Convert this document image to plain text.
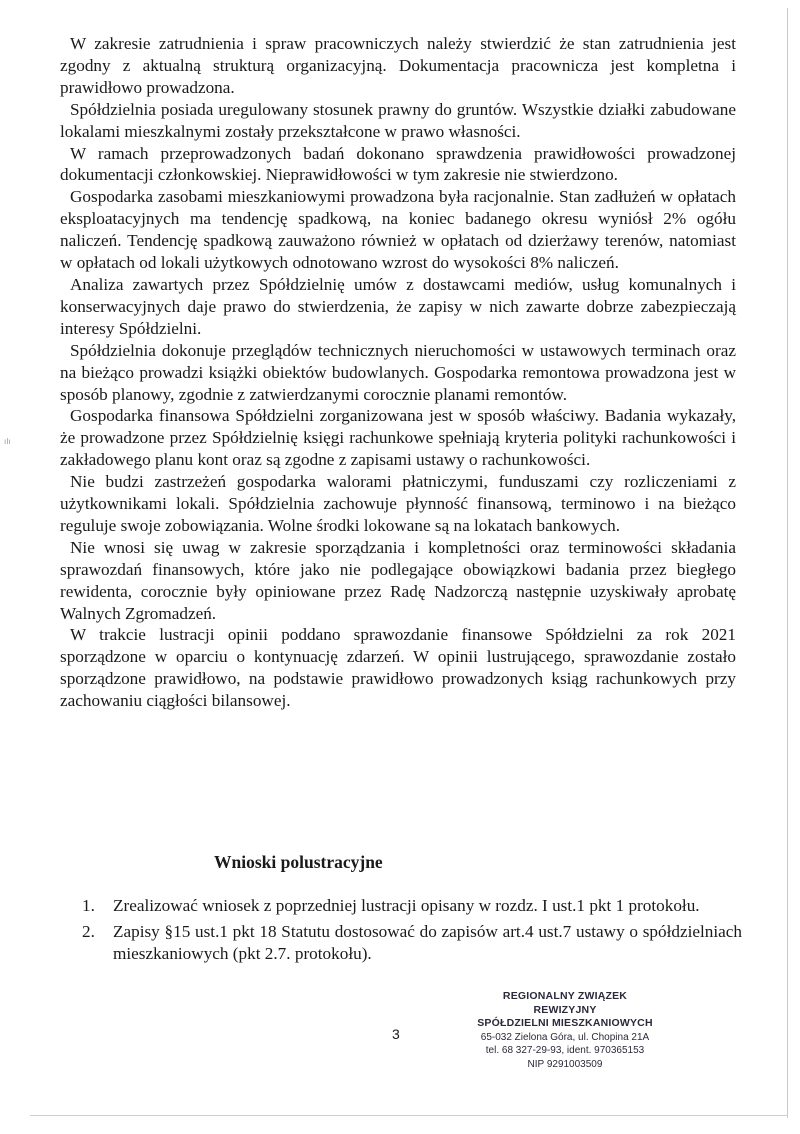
ılı

W zakresie zatrudnienia i spraw pracowniczych należy stwierdzić że stan zatrudnienia jest zgodny z aktualną strukturą organizacyjną. Dokumentacja pracownicza jest kompletna i prawidłowo prowadzona.

Spółdzielnia posiada uregulowany stosunek prawny do gruntów. Wszystkie działki zabudowane lokalami mieszkalnymi zostały przekształcone w prawo własności.

W ramach przeprowadzonych badań dokonano sprawdzenia prawidłowości prowadzonej dokumentacji członkowskiej. Nieprawidłowości w tym zakresie nie stwierdzono.

Gospodarka zasobami mieszkaniowymi prowadzona była racjonalnie. Stan zadłużeń w opłatach eksploatacyjnych ma tendencję spadkową, na koniec badanego okresu wyniósł 2% ogółu naliczeń. Tendencję spadkową zauważono również w opłatach od dzierżawy terenów, natomiast w opłatach od lokali użytkowych odnotowano wzrost do wysokości 8% naliczeń.

Analiza zawartych przez Spółdzielnię umów z dostawcami mediów, usług komunalnych i konserwacyjnych daje prawo do stwierdzenia, że zapisy w nich zawarte dobrze zabezpieczają interesy Spółdzielni.

Spółdzielnia dokonuje przeglądów technicznych nieruchomości w ustawowych terminach oraz na bieżąco prowadzi książki obiektów budowlanych. Gospodarka remontowa prowadzona jest w sposób planowy, zgodnie z zatwierdzanymi corocznie planami remontów.

Gospodarka finansowa Spółdzielni zorganizowana jest w sposób właściwy. Badania wykazały, że prowadzone przez Spółdzielnię księgi rachunkowe spełniają kryteria polityki rachunkowości i zakładowego planu kont oraz są zgodne z zapisami ustawy o rachunkowości.

Nie budzi zastrzeżeń gospodarka walorami płatniczymi, funduszami czy rozliczeniami z użytkownikami lokali. Spółdzielnia zachowuje płynność finansową, terminowo i na bieżąco reguluje swoje zobowiązania. Wolne środki lokowane są na lokatach bankowych.

Nie wnosi się uwag w zakresie sporządzania i kompletności oraz terminowości składania sprawozdań finansowych, które jako nie podlegające obowiązkowi badania przez biegłego rewidenta, corocznie były opiniowane przez Radę Nadzorczą następnie uzyskiwały aprobatę Walnych Zgromadzeń.

W trakcie lustracji opinii poddano sprawozdanie finansowe Spółdzielni za rok 2021 sporządzone w oparciu o kontynuację zdarzeń. W opinii lustrującego, sprawozdanie zostało sporządzone prawidłowo, na podstawie prawidłowo prowadzonych ksiąg rachunkowych przy zachowaniu ciągłości bilansowej.

Wnioski polustracyjne
1. Zrealizować wniosek z poprzedniej lustracji opisany w rozdz. I ust.1 pkt 1 protokołu.
2. Zapisy §15 ust.1 pkt 18 Statutu dostosować do zapisów art.4 ust.7 ustawy o spółdzielniach mieszkaniowych (pkt 2.7. protokołu).
REGIONALNY ZWIĄZEK REWIZYJNY
SPÓŁDZIELNI MIESZKANIOWYCH
65-032 Zielona Góra, ul. Chopina 21A
tel. 68 327-29-93, ident. 970365153
NIP 9291003509
3
